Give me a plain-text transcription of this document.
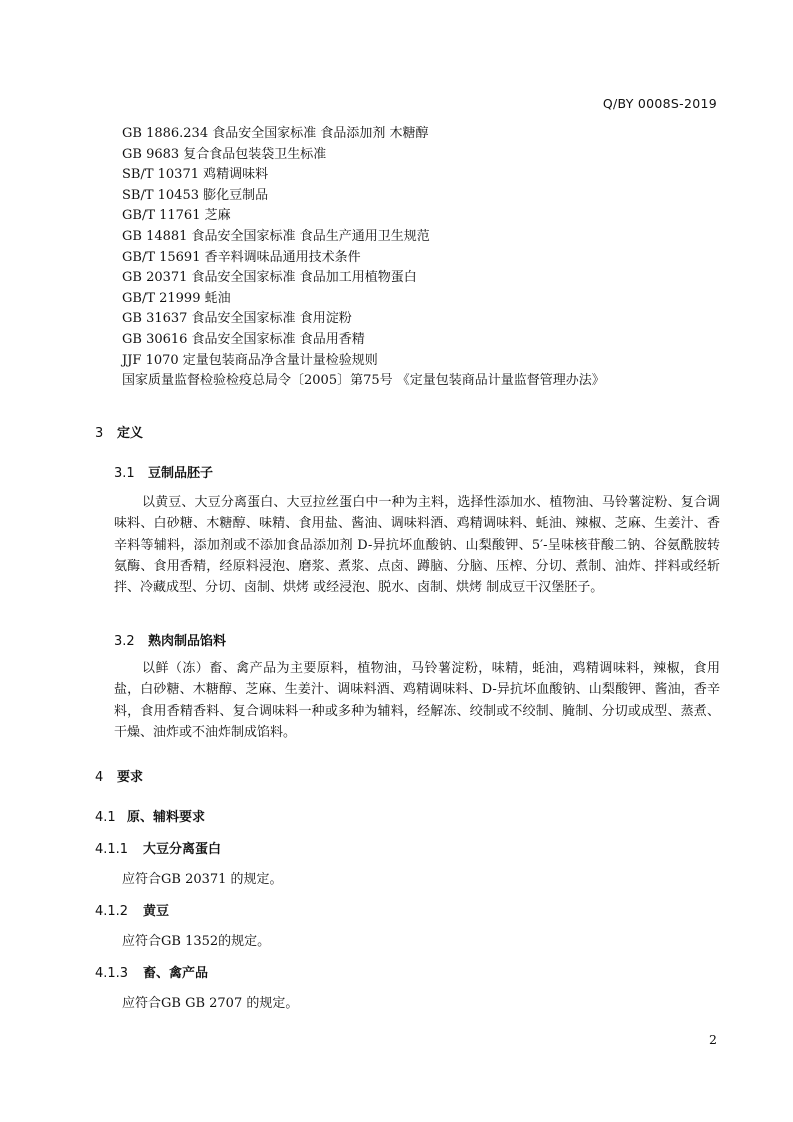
Q/BY 0008S-2019
GB 1886.234 食品安全国家标准 食品添加剂 木糖醇
GB 9683 复合食品包装袋卫生标准
SB/T 10371 鸡精调味料
SB/T 10453 膨化豆制品
GB/T 11761 芝麻
GB 14881 食品安全国家标准 食品生产通用卫生规范
GB/T 15691 香辛料调味品通用技术条件
GB 20371 食品安全国家标准 食品加工用植物蛋白
GB/T 21999 蚝油
GB 31637 食品安全国家标准 食用淀粉
GB 30616 食品安全国家标准 食品用香精
JJF 1070 定量包装商品净含量计量检验规则
国家质量监督检验检疫总局令〔2005〕第75号 《定量包装商品计量监督管理办法》
3 定义
3.1 豆制品胚子
以黄豆、大豆分离蛋白、大豆拉丝蛋白中一种为主料，选择性添加水、植物油、马铃薯淀粉、复合调味料、白砂糖、木糖醇、味精、食用盐、酱油、调味料酒、鸡精调味料、蚝油、辣椒、芝麻、生姜汁、香辛料等辅料，添加剂或不添加食品添加剂 D-异抗坏血酸钠、山梨酸钾、5′-呈味核苷酸二钠、谷氨酰胺转氨酶、食用香精，经原料浸泡、磨浆、煮浆、点卤、蹲脑、分脑、压榨、分切、煮制、油炸、拌料或经斩拌、冷藏成型、分切、卤制、烘烤 或经浸泡、脱水、卤制、烘烤 制成豆干汉堡胚子。
3.2 熟肉制品馅料
以鲜（冻）畜、禽产品为主要原料，植物油，马铃薯淀粉，味精，蚝油，鸡精调味料，辣椒，食用盐，白砂糖、木糖醇、芝麻、生姜汁、调味料酒、鸡精调味料、D-异抗坏血酸钠、山梨酸钾、酱油，香辛料，食用香精香料、复合调味料一种或多种为辅料，经解冻、绞制或不绞制、腌制、分切或成型、蒸煮、干燥、油炸或不油炸制成馅料。
4 要求
4.1 原、辅料要求
4.1.1 大豆分离蛋白
应符合GB 20371 的规定。
4.1.2 黄豆
应符合GB 1352的规定。
4.1.3 畜、禽产品
应符合GB GB 2707 的规定。
2
